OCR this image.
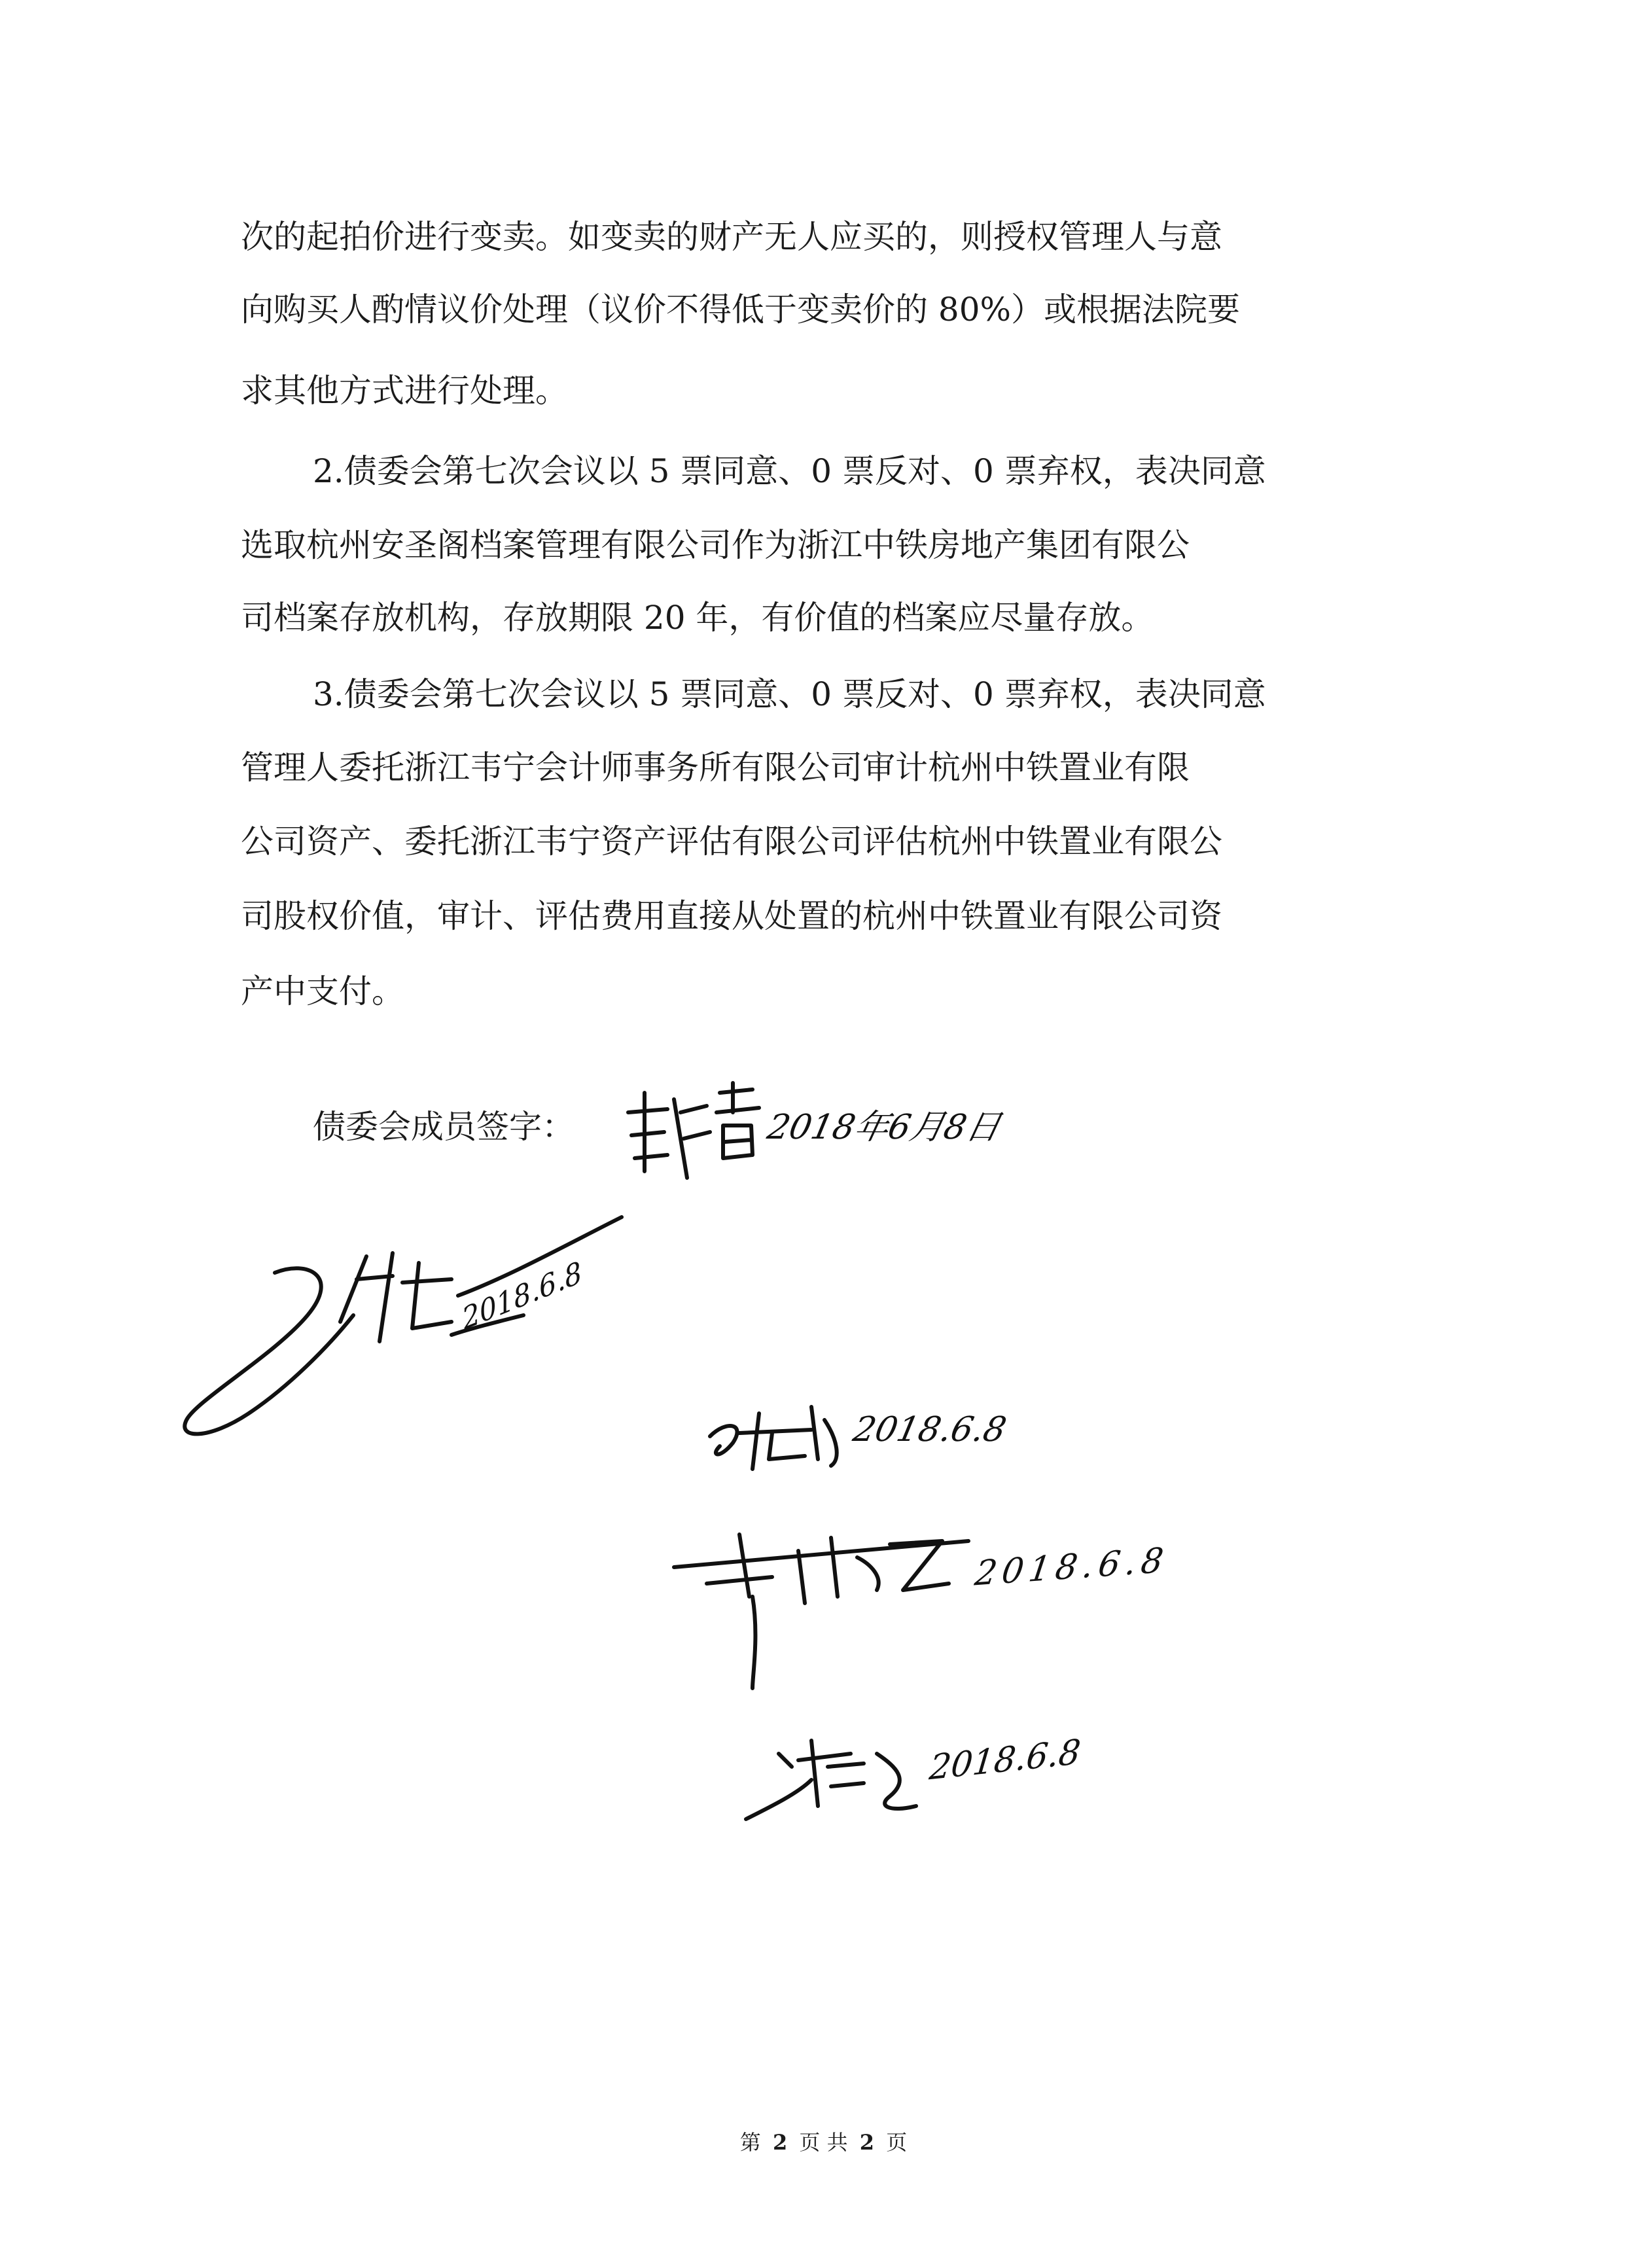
次的起拍价进行变卖。如变卖的财产无人应买的，则授权管理人与意
向购买人酌情议价处理（议价不得低于变卖价的 80%）或根据法院要
求其他方式进行处理。
2.债委会第七次会议以 5 票同意、0 票反对、0 票弃权，表决同意
选取杭州安圣阁档案管理有限公司作为浙江中铁房地产集团有限公
司档案存放机构，存放期限 20 年，有价值的档案应尽量存放。
3.债委会第七次会议以 5 票同意、0 票反对、0 票弃权，表决同意
管理人委托浙江韦宁会计师事务所有限公司审计杭州中铁置业有限
公司资产、委托浙江韦宁资产评估有限公司评估杭州中铁置业有限公
司股权价值，审计、评估费用直接从处置的杭州中铁置业有限公司资
产中支付。
债委会成员签字：	2018年6月8日
2018.6.8
2018.6.8
2018.6.8
2018.6.8
第 2 页 共 2 页
